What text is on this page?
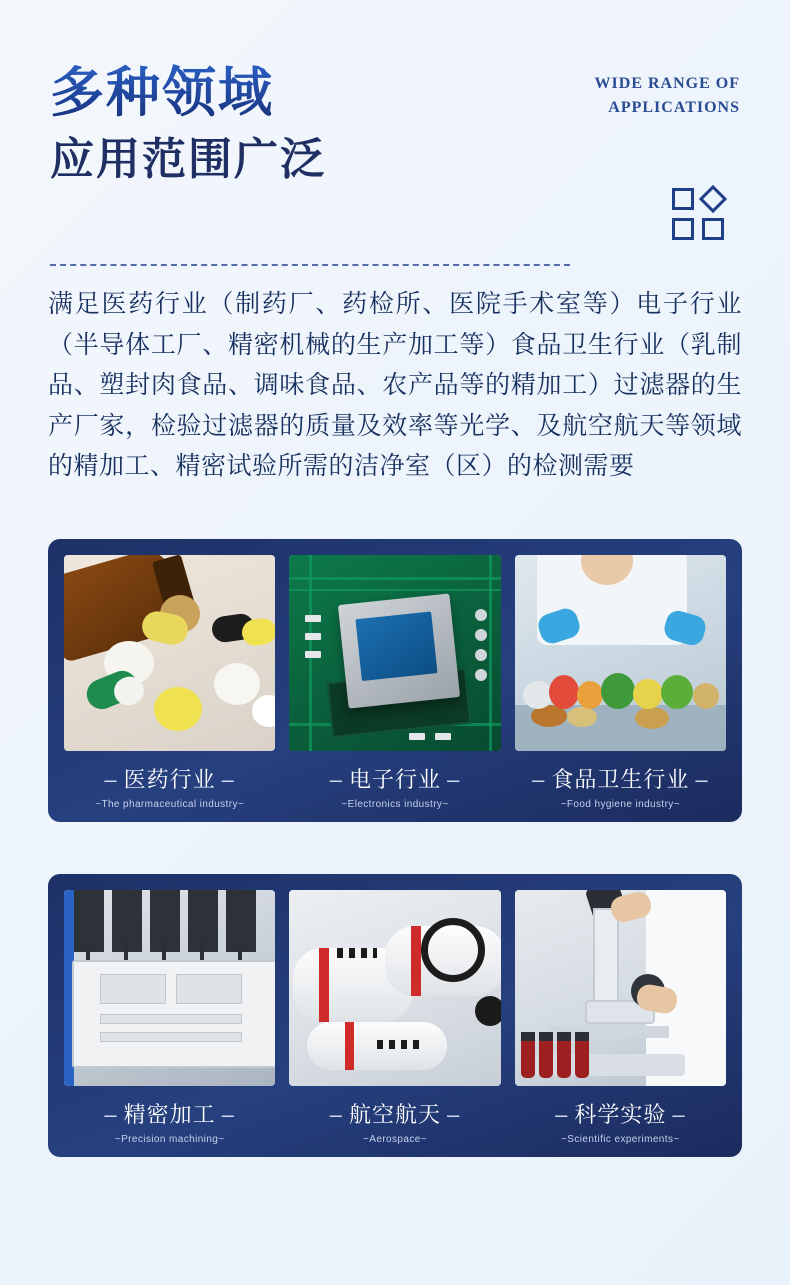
多种领域
应用范围广泛
WIDE RANGE OF
APPLICATIONS
满足医药行业（制药厂、药检所、医院手术室等）电子行业（半导体工厂、精密机械的生产加工等）食品卫生行业（乳制品、塑封肉食品、调味食品、农产品等的精加工）过滤器的生产厂家，检验过滤器的质量及效率等光学、及航空航天等领域的精加工、精密试验所需的洁净室（区）的检测需要
– 医药行业 –
~The pharmaceutical industry~
– 电子行业 –
~Electronics industry~
– 食品卫生行业 –
~Food hygiene industry~
– 精密加工 –
~Precision machining~
– 航空航天 –
~Aerospace~
– 科学实验 –
~Scientific experiments~
